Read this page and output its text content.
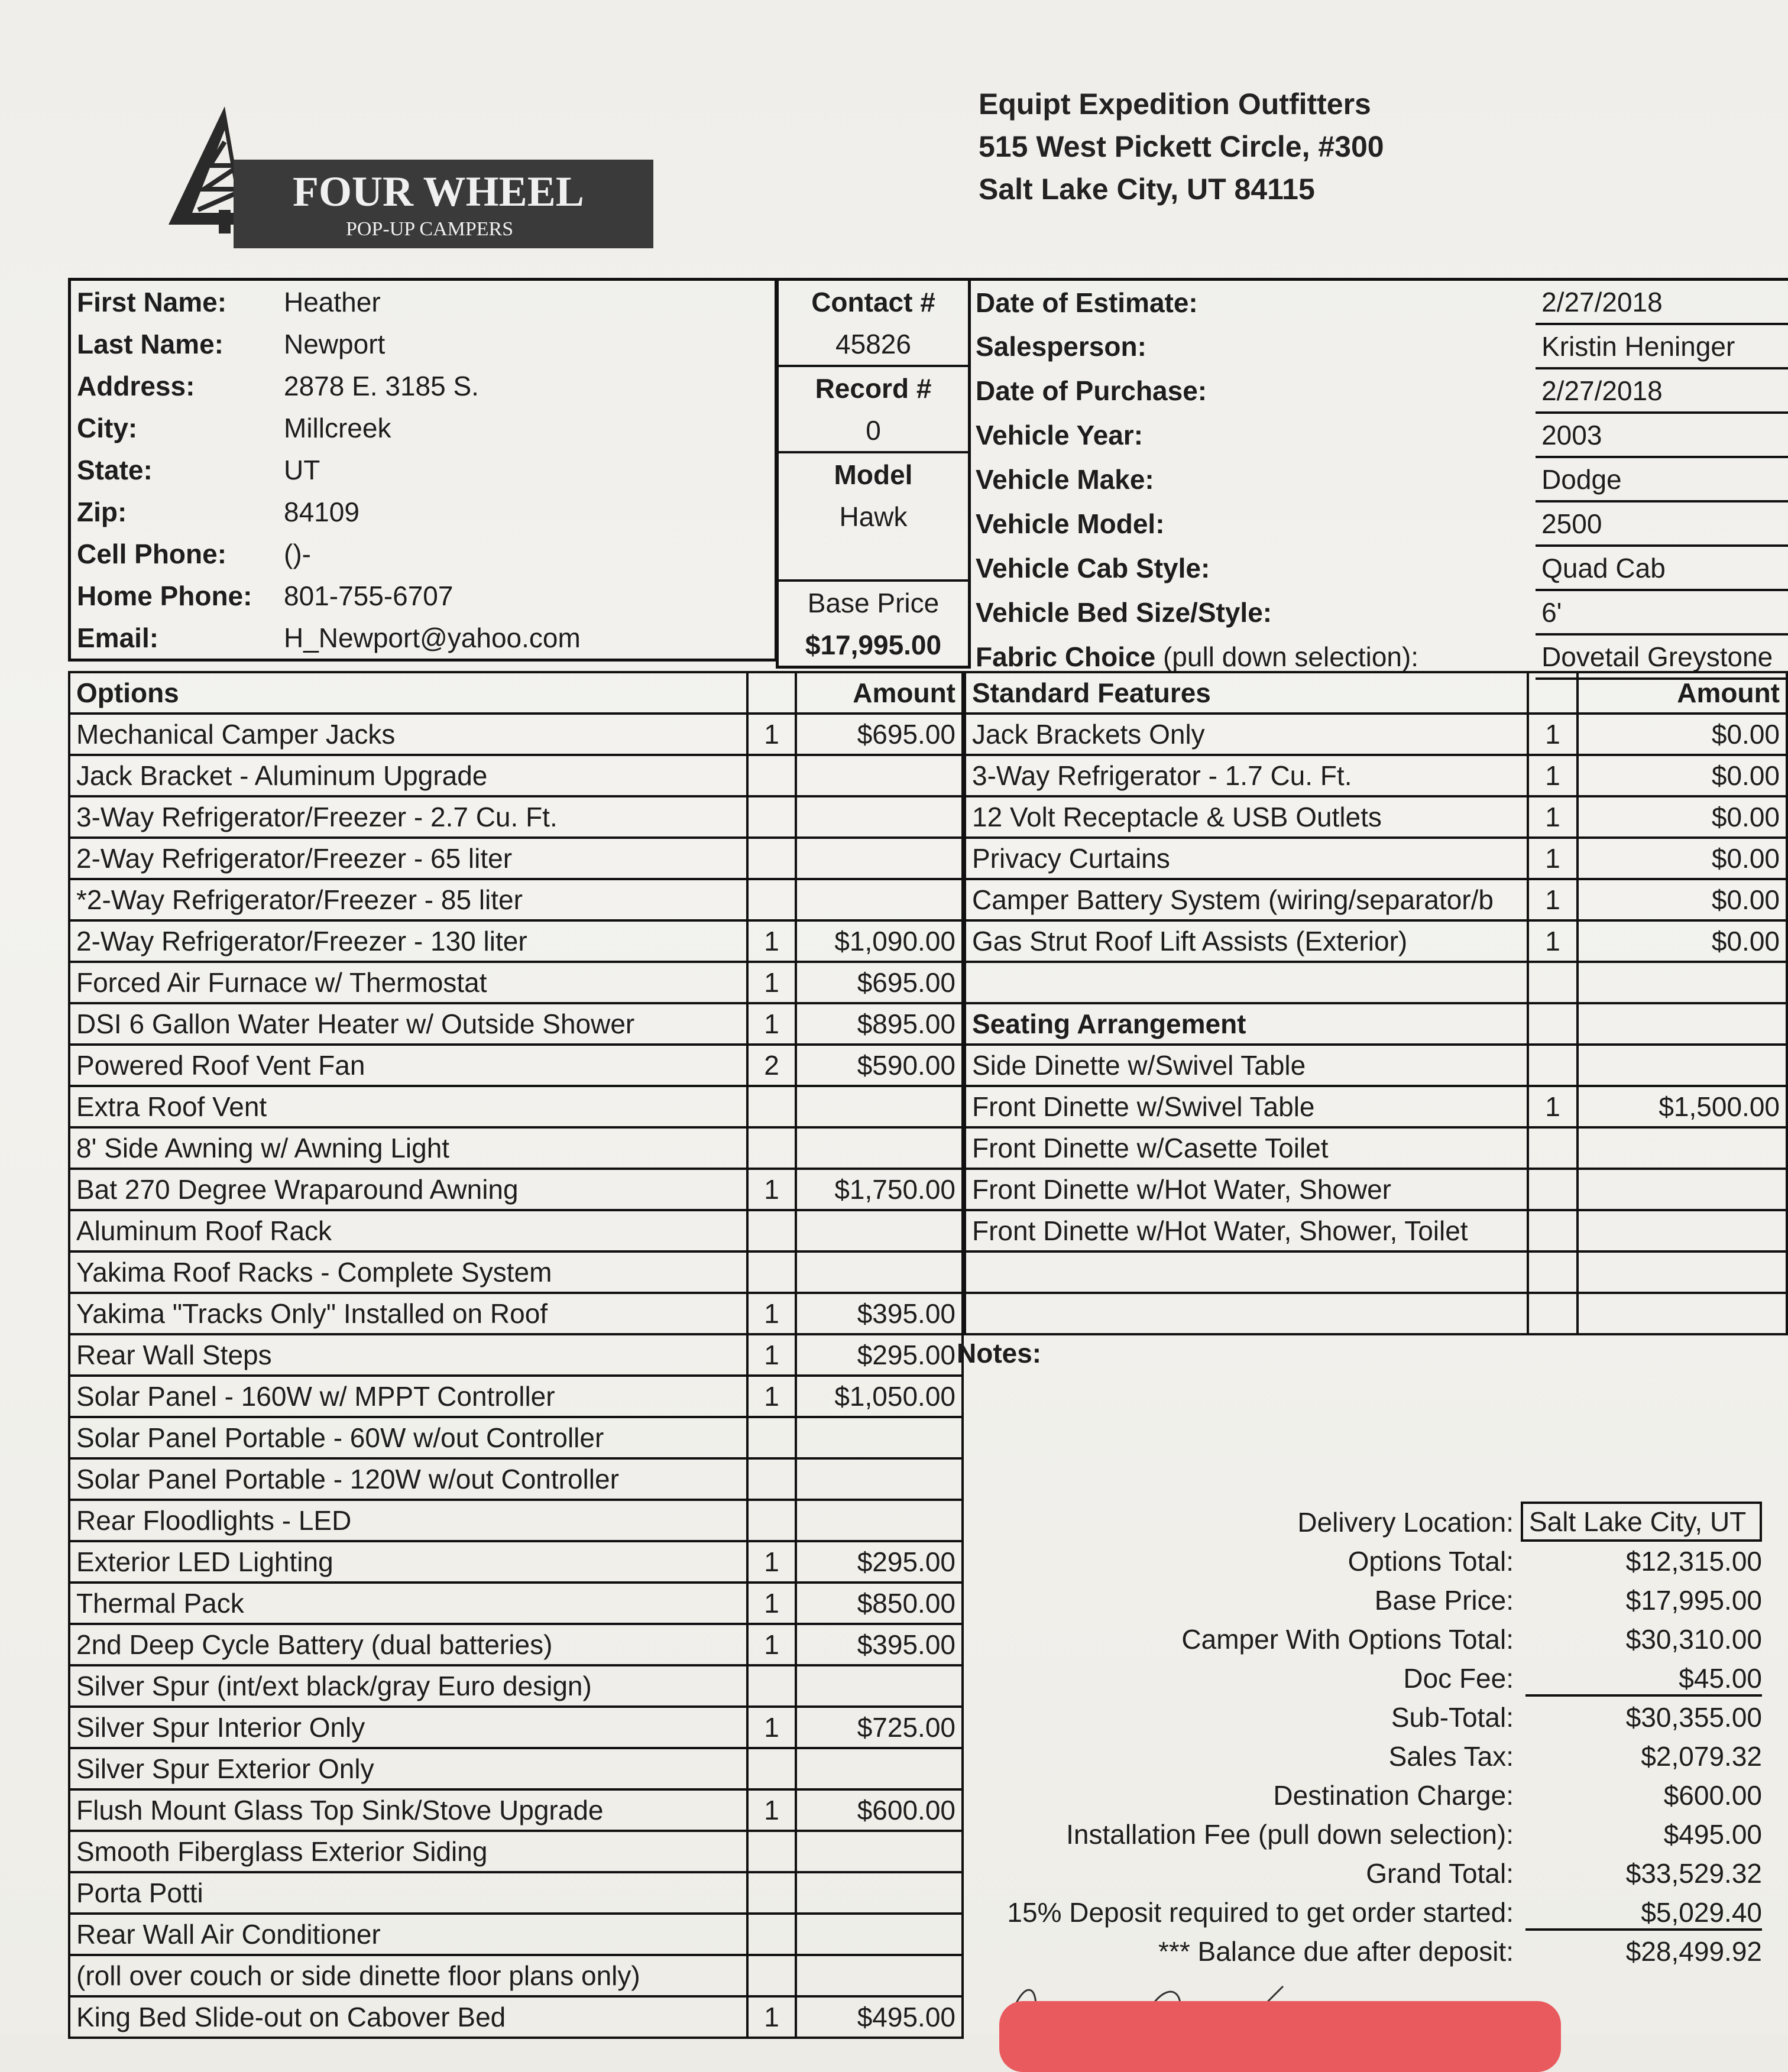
FOUR WHEEL
POP-UP CAMPERS
Equipt Expedition Outfitters
515 West Pickett Circle, #300
Salt Lake City, UT 84115
First Name:	Heather
Last Name:	Newport
Address:	2878 E. 3185 S.
City:	Millcreek
State:	UT
Zip:	84109
Cell Phone:	()-
Home Phone:	801-755-6707
Email:	H_Newport@yahoo.com
Contact #
45826
Record #
0
Model
Hawk

Base Price
$17,995.00
Date of Estimate:	2/27/2018
Salesperson:	Kristin Heninger
Date of Purchase:	2/27/2018
Vehicle Year:	2003
Vehicle Make:	Dodge
Vehicle Model:	2500
Vehicle Cab Style:	Quad Cab
Vehicle Bed Size/Style:	6'
Fabric Choice (pull down selection):	Dovetail Greystone
Options		Amount
Mechanical Camper Jacks	1	$695.00
Jack Bracket - Aluminum Upgrade		
3-Way Refrigerator/Freezer - 2.7 Cu. Ft.		
2-Way Refrigerator/Freezer - 65 liter		
*2-Way Refrigerator/Freezer - 85 liter		
2-Way Refrigerator/Freezer - 130 liter	1	$1,090.00
Forced Air Furnace w/ Thermostat	1	$695.00
DSI 6 Gallon Water Heater w/ Outside Shower	1	$895.00
Powered Roof Vent Fan	2	$590.00
Extra Roof Vent		
8' Side Awning w/ Awning Light		
Bat 270 Degree Wraparound Awning	1	$1,750.00
Aluminum Roof Rack		
Yakima Roof Racks - Complete System		
Yakima "Tracks Only" Installed on Roof	1	$395.00
Rear Wall Steps	1	$295.00
Solar Panel - 160W w/ MPPT Controller	1	$1,050.00
Solar Panel Portable - 60W w/out Controller		
Solar Panel Portable - 120W w/out Controller		
Rear Floodlights - LED		
Exterior LED Lighting	1	$295.00
Thermal Pack	1	$850.00
2nd Deep Cycle Battery (dual batteries)	1	$395.00
Silver Spur (int/ext black/gray Euro design)		
Silver Spur Interior Only	1	$725.00
Silver Spur Exterior Only		
Flush Mount Glass Top Sink/Stove Upgrade	1	$600.00
Smooth Fiberglass Exterior Siding		
Porta Potti		
Rear Wall Air Conditioner		
(roll over couch or side dinette floor plans only)		
King Bed Slide-out on Cabover Bed	1	$495.00
Standard Features		Amount
Jack Brackets Only	1	$0.00
3-Way Refrigerator - 1.7 Cu. Ft.	1	$0.00
12 Volt Receptacle & USB Outlets	1	$0.00
Privacy Curtains	1	$0.00
Camper Battery System (wiring/separator/b	1	$0.00
Gas Strut Roof Lift Assists (Exterior)	1	$0.00

Seating Arrangement		
Side Dinette w/Swivel Table		
Front Dinette w/Swivel Table	1	$1,500.00
Front Dinette w/Casette Toilet		
Front Dinette w/Hot Water, Shower		
Front Dinette w/Hot Water, Shower, Toilet		

Notes:
Delivery Location: Salt Lake City, UT
Options Total:	$12,315.00
Base Price:	$17,995.00
Camper With Options Total:	$30,310.00
Doc Fee:	$45.00
Sub-Total:	$30,355.00
Sales Tax:	$2,079.32
Destination Charge:	$600.00
Installation Fee (pull down selection):	$495.00
Grand Total:	$33,529.32
15% Deposit required to get order started:	$5,029.40
*** Balance due after deposit:	$28,499.92
